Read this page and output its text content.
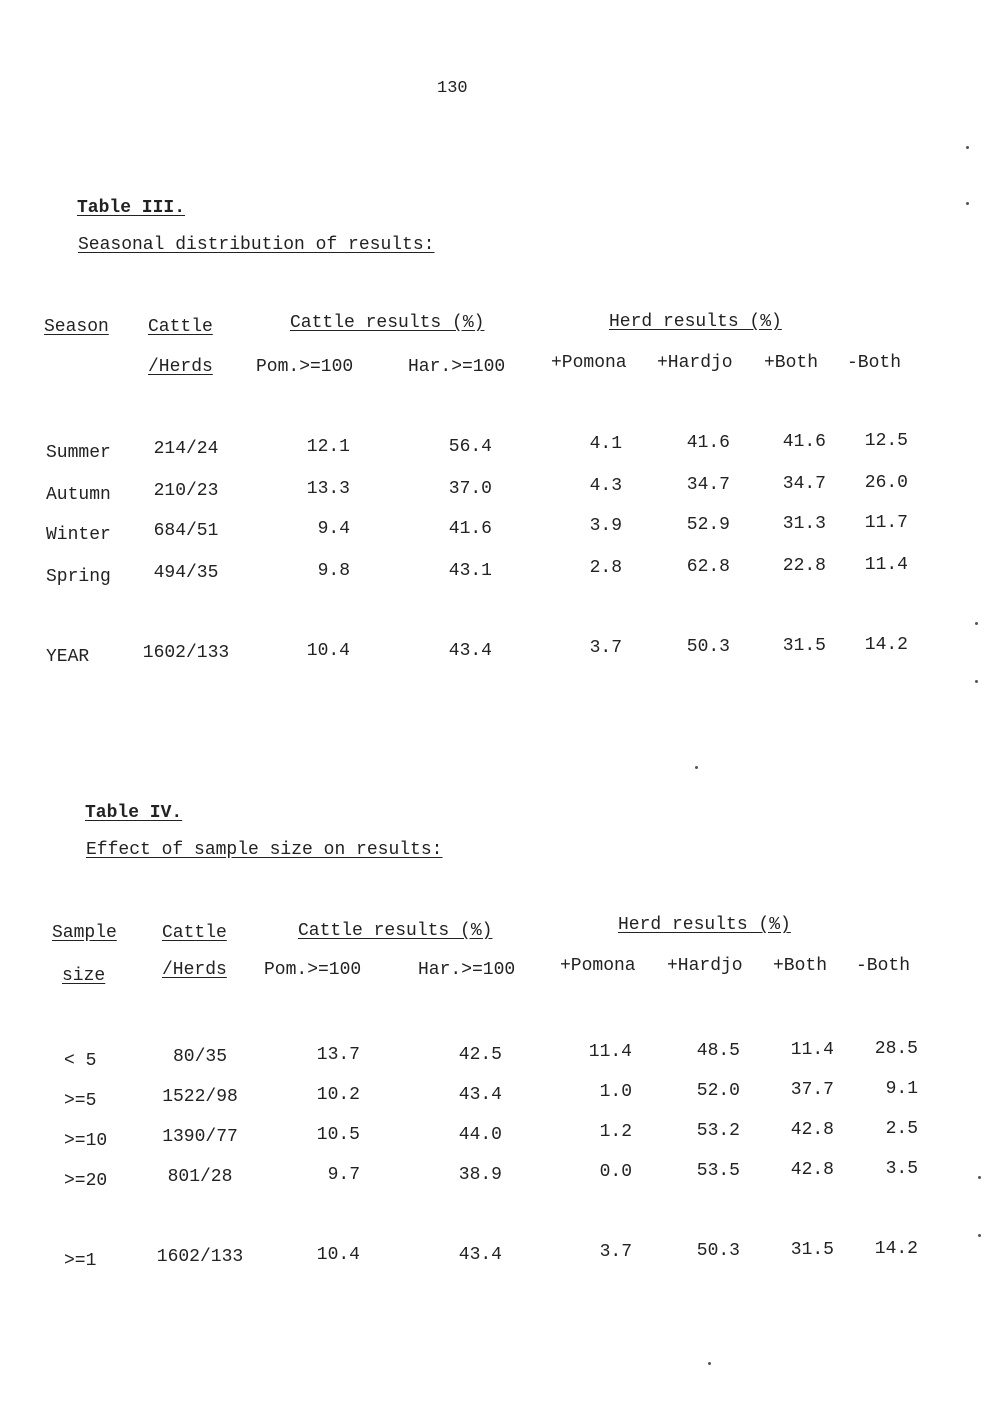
130
Table III.
Seasonal distribution of results:
Season Cattle
/Herds
Cattle results (%)	Herd results (%)
Pom.>=100	Har.>=100	+Pomona +Hardjo +Both -Both
Summer	214/24	12.1	56.4	4.1	41.6	41.6	12.5
Autumn	210/23	13.3	37.0	4.3	34.7	34.7	26.0
Winter	684/51	9.4	41.6	3.9	52.9	31.3	11.7
Spring	494/35	9.8	43.1	2.8	62.8	22.8	11.4
YEAR	1602/133	10.4	43.4	3.7	50.3	31.5	14.2
Table IV.
Effect of sample size on results:
Sample
size
Cattle
/Herds
Cattle results (%)	Herd results (%)
Pom.>=100	Har.>=100 +Pomona +Hardjo +Both -Both
< 5	80/35	13.7	42.5	11.4	48.5	11.4	28.5
>=5	1522/98	10.2	43.4	1.0	52.0	37.7	9.1
>=10	1390/77	10.5	44.0	1.2	53.2	42.8	2.5
>=20	801/28	9.7	38.9	0.0	53.5	42.8	3.5
>=1	1602/133	10.4	43.4	3.7	50.3	31.5	14.2
